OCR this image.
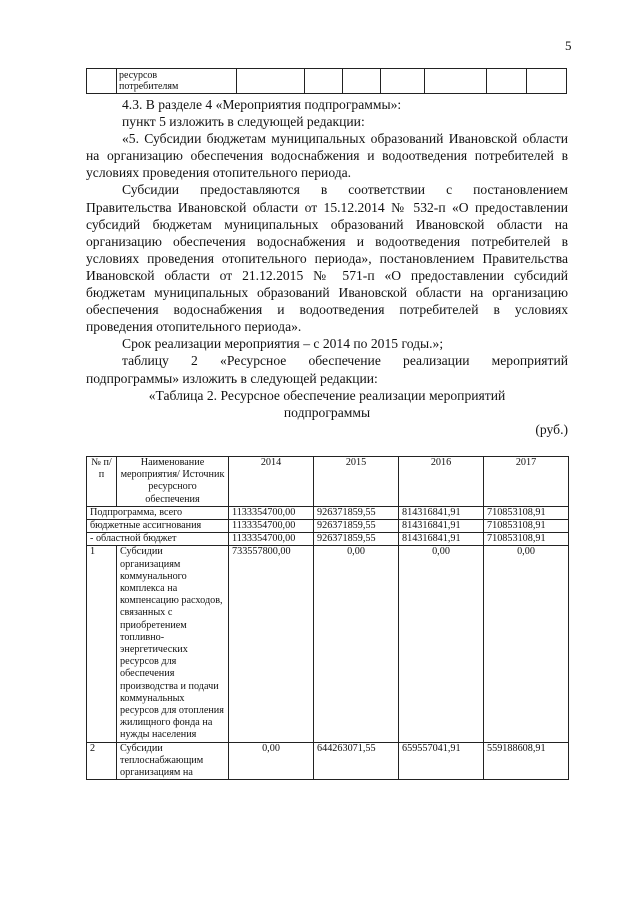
5
	ресурсов
потребителям							

4.3. В разделе 4 «Мероприятия подпрограммы»:

пункт 5 изложить в следующей редакции:

«5. Субсидии бюджетам муниципальных образований Ивановской области на организацию обеспечения водоснабжения и водоотведения потребителей в условиях проведения отопительного периода.

Субсидии предоставляются в соответствии с постановлением Правительства Ивановской области от 15.12.2014 № 532-п «О предоставлении субсидий бюджетам муниципальных образований Ивановской области на организацию обеспечения водоснабжения и водоотведения потребителей в условиях проведения отопительного периода», постановлением Правительства Ивановской области от 21.12.2015 № 571-п «О предоставлении субсидий бюджетам муниципальных образований Ивановской области на организацию обеспечения водоснабжения и водоотведения потребителей в условиях проведения отопительного периода».

Срок реализации мероприятия – с 2014 по 2015 годы.»;

таблицу 2 «Ресурсное обеспечение реализации мероприятий подпрограммы» изложить в следующей редакции:

«Таблица 2. Ресурсное обеспечение реализации мероприятий подпрограммы

(руб.)

№ п/п	Наименование мероприятия/ Источник ресурсного обеспечения	2014	2015	2016	2017
Подпрограмма, всего		1133354700,00	926371859,55	814316841,91	710853108,91
бюджетные ассигнования		1133354700,00	926371859,55	814316841,91	710853108,91
- областной бюджет		1133354700,00	926371859,55	814316841,91	710853108,91
1	Субсидии организациям коммунального комплекса на компенсацию расходов, связанных с приобретением топливно-энергетических ресурсов для обеспечения производства и подачи коммунальных ресурсов для отопления жилищного фонда на нужды населения	733557800,00	0,00	0,00	0,00
2	Субсидии теплоснабжающим организациям на	0,00	644263071,55	659557041,91	559188608,91
